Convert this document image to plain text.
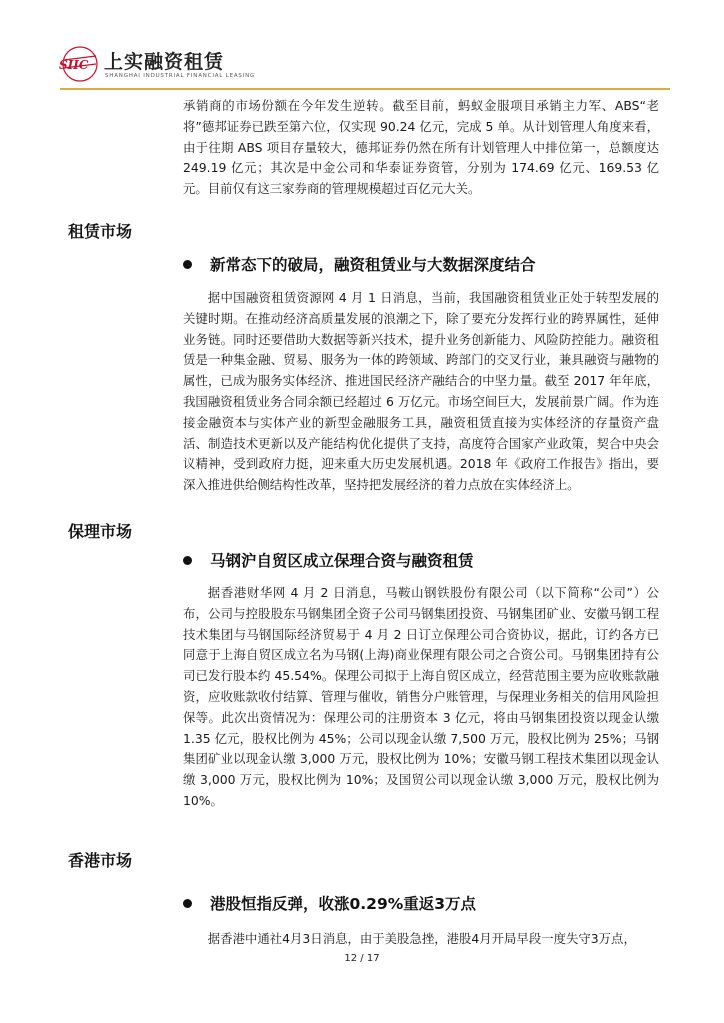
SIIC 上实融资租赁
SHANGHAI INDUSTRIAL FINANCIAL LEASING

承销商的市场份额在今年发生逆转。截至目前，蚂蚁金服项目承销主力军、ABS“老将”德邦证券已跌至第六位，仅实现 90.24 亿元，完成 5 单。从计划管理人角度来看，由于往期 ABS 项目存量较大，德邦证券仍然在所有计划管理人中排位第一，总额度达 249.19 亿元；其次是中金公司和华泰证券资管，分别为 174.69 亿元、169.53 亿元。目前仅有这三家券商的管理规模超过百亿元大关。

租赁市场
新常态下的破局，融资租赁业与大数据深度结合

据中国融资租赁资源网 4 月 1 日消息，当前，我国融资租赁业正处于转型发展的关键时期。在推动经济高质量发展的浪潮之下，除了要充分发挥行业的跨界属性，延伸业务链。同时还要借助大数据等新兴技术，提升业务创新能力、风险防控能力。融资租赁是一种集金融、贸易、服务为一体的跨领域、跨部门的交叉行业，兼具融资与融物的属性，已成为服务实体经济、推进国民经济产融结合的中坚力量。截至 2017 年年底，我国融资租赁业务合同余额已经超过 6 万亿元。市场空间巨大，发展前景广阔。作为连接金融资本与实体产业的新型金融服务工具，融资租赁直接为实体经济的存量资产盘活、制造技术更新以及产能结构优化提供了支持，高度符合国家产业政策，契合中央会议精神，受到政府力挺，迎来重大历史发展机遇。2018 年《政府工作报告》指出，要深入推进供给侧结构性改革，坚持把发展经济的着力点放在实体经济上。

保理市场
马钢沪自贸区成立保理合资与融资租赁

据香港财华网 4 月 2 日消息，马鞍山钢铁股份有限公司（以下简称“公司”）公布，公司与控股股东马钢集团全资子公司马钢集团投资、马钢集团矿业、安徽马钢工程技术集团与马钢国际经济贸易于 4 月 2 日订立保理公司合资协议，据此，订约各方已同意于上海自贸区成立名为马钢(上海)商业保理有限公司之合资公司。马钢集团持有公司已发行股本约 45.54%。保理公司拟于上海自贸区成立，经营范围主要为应收账款融资，应收账款收付结算、管理与催收，销售分户账管理，与保理业务相关的信用风险担保等。此次出资情况为：保理公司的注册资本 3 亿元，将由马钢集团投资以现金认缴 1.35 亿元，股权比例为 45%；公司以现金认缴 7,500 万元，股权比例为 25%；马钢集团矿业以现金认缴 3,000 万元，股权比例为 10%；安徽马钢工程技术集团以现金认缴 3,000 万元，股权比例为 10%；及国贸公司以现金认缴 3,000 万元，股权比例为 10%。

香港市场
港股恒指反弹，收涨0.29%重返3万点

据香港中通社4月3日消息，由于美股急挫，港股4月开局早段一度失守3万点，

12 / 17
